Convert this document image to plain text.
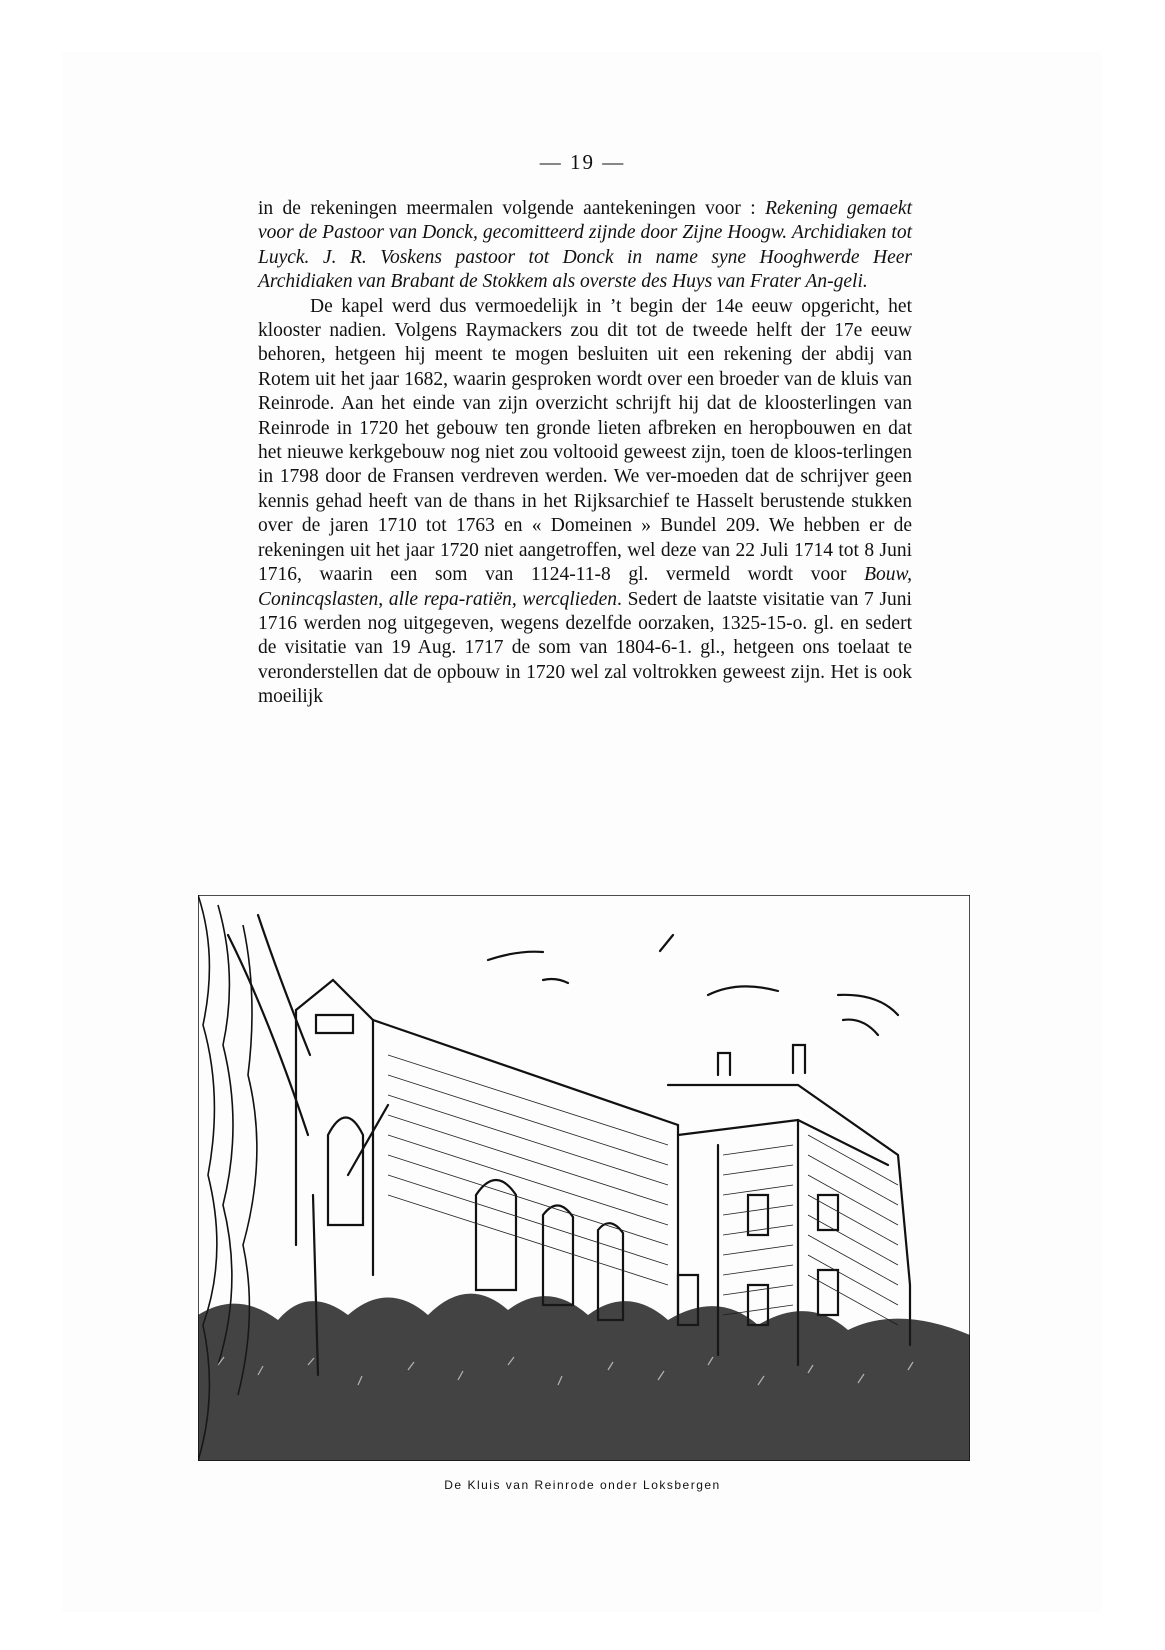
— 19 —

in de rekeningen meermalen volgende aantekeningen voor : Rekening gemaekt voor de Pastoor van Donck, gecomitteerd zijnde door Zijne Hoogw. Archidiaken tot Luyck. J. R. Voskens pastoor tot Donck in name syne Hooghwerde Heer Archidiaken van Brabant de Stokkem als overste des Huys van Frater An-geli.

De kapel werd dus vermoedelijk in ’t begin der 14e eeuw opgericht, het klooster nadien. Volgens Raymackers zou dit tot de tweede helft der 17e eeuw behoren, hetgeen hij meent te mogen besluiten uit een rekening der abdij van Rotem uit het jaar 1682, waarin gesproken wordt over een broeder van de kluis van Reinrode. Aan het einde van zijn overzicht schrijft hij dat de kloosterlingen van Reinrode in 1720 het gebouw ten gronde lieten afbreken en heropbouwen en dat het nieuwe kerkgebouw nog niet zou voltooid geweest zijn, toen de kloos-terlingen in 1798 door de Fransen verdreven werden. We ver-moeden dat de schrijver geen kennis gehad heeft van de thans in het Rijksarchief te Hasselt berustende stukken over de jaren 1710 tot 1763 en « Domeinen » Bundel 209. We hebben er de rekeningen uit het jaar 1720 niet aangetroffen, wel deze van 22 Juli 1714 tot 8 Juni 1716, waarin een som van 1124-11-8 gl. vermeld wordt voor Bouw, Conincqslasten, alle repa-ratiën, wercqlieden. Sedert de laatste visitatie van 7 Juni 1716 werden nog uitgegeven, wegens dezelfde oorzaken, 1325-15-o. gl. en sedert de visitatie van 19 Aug. 1717 de som van 1804-6-1. gl., hetgeen ons toelaat te veronderstellen dat de opbouw in 1720 wel zal voltrokken geweest zijn. Het is ook moeilijk

De Kluis van Reinrode onder Loksbergen
